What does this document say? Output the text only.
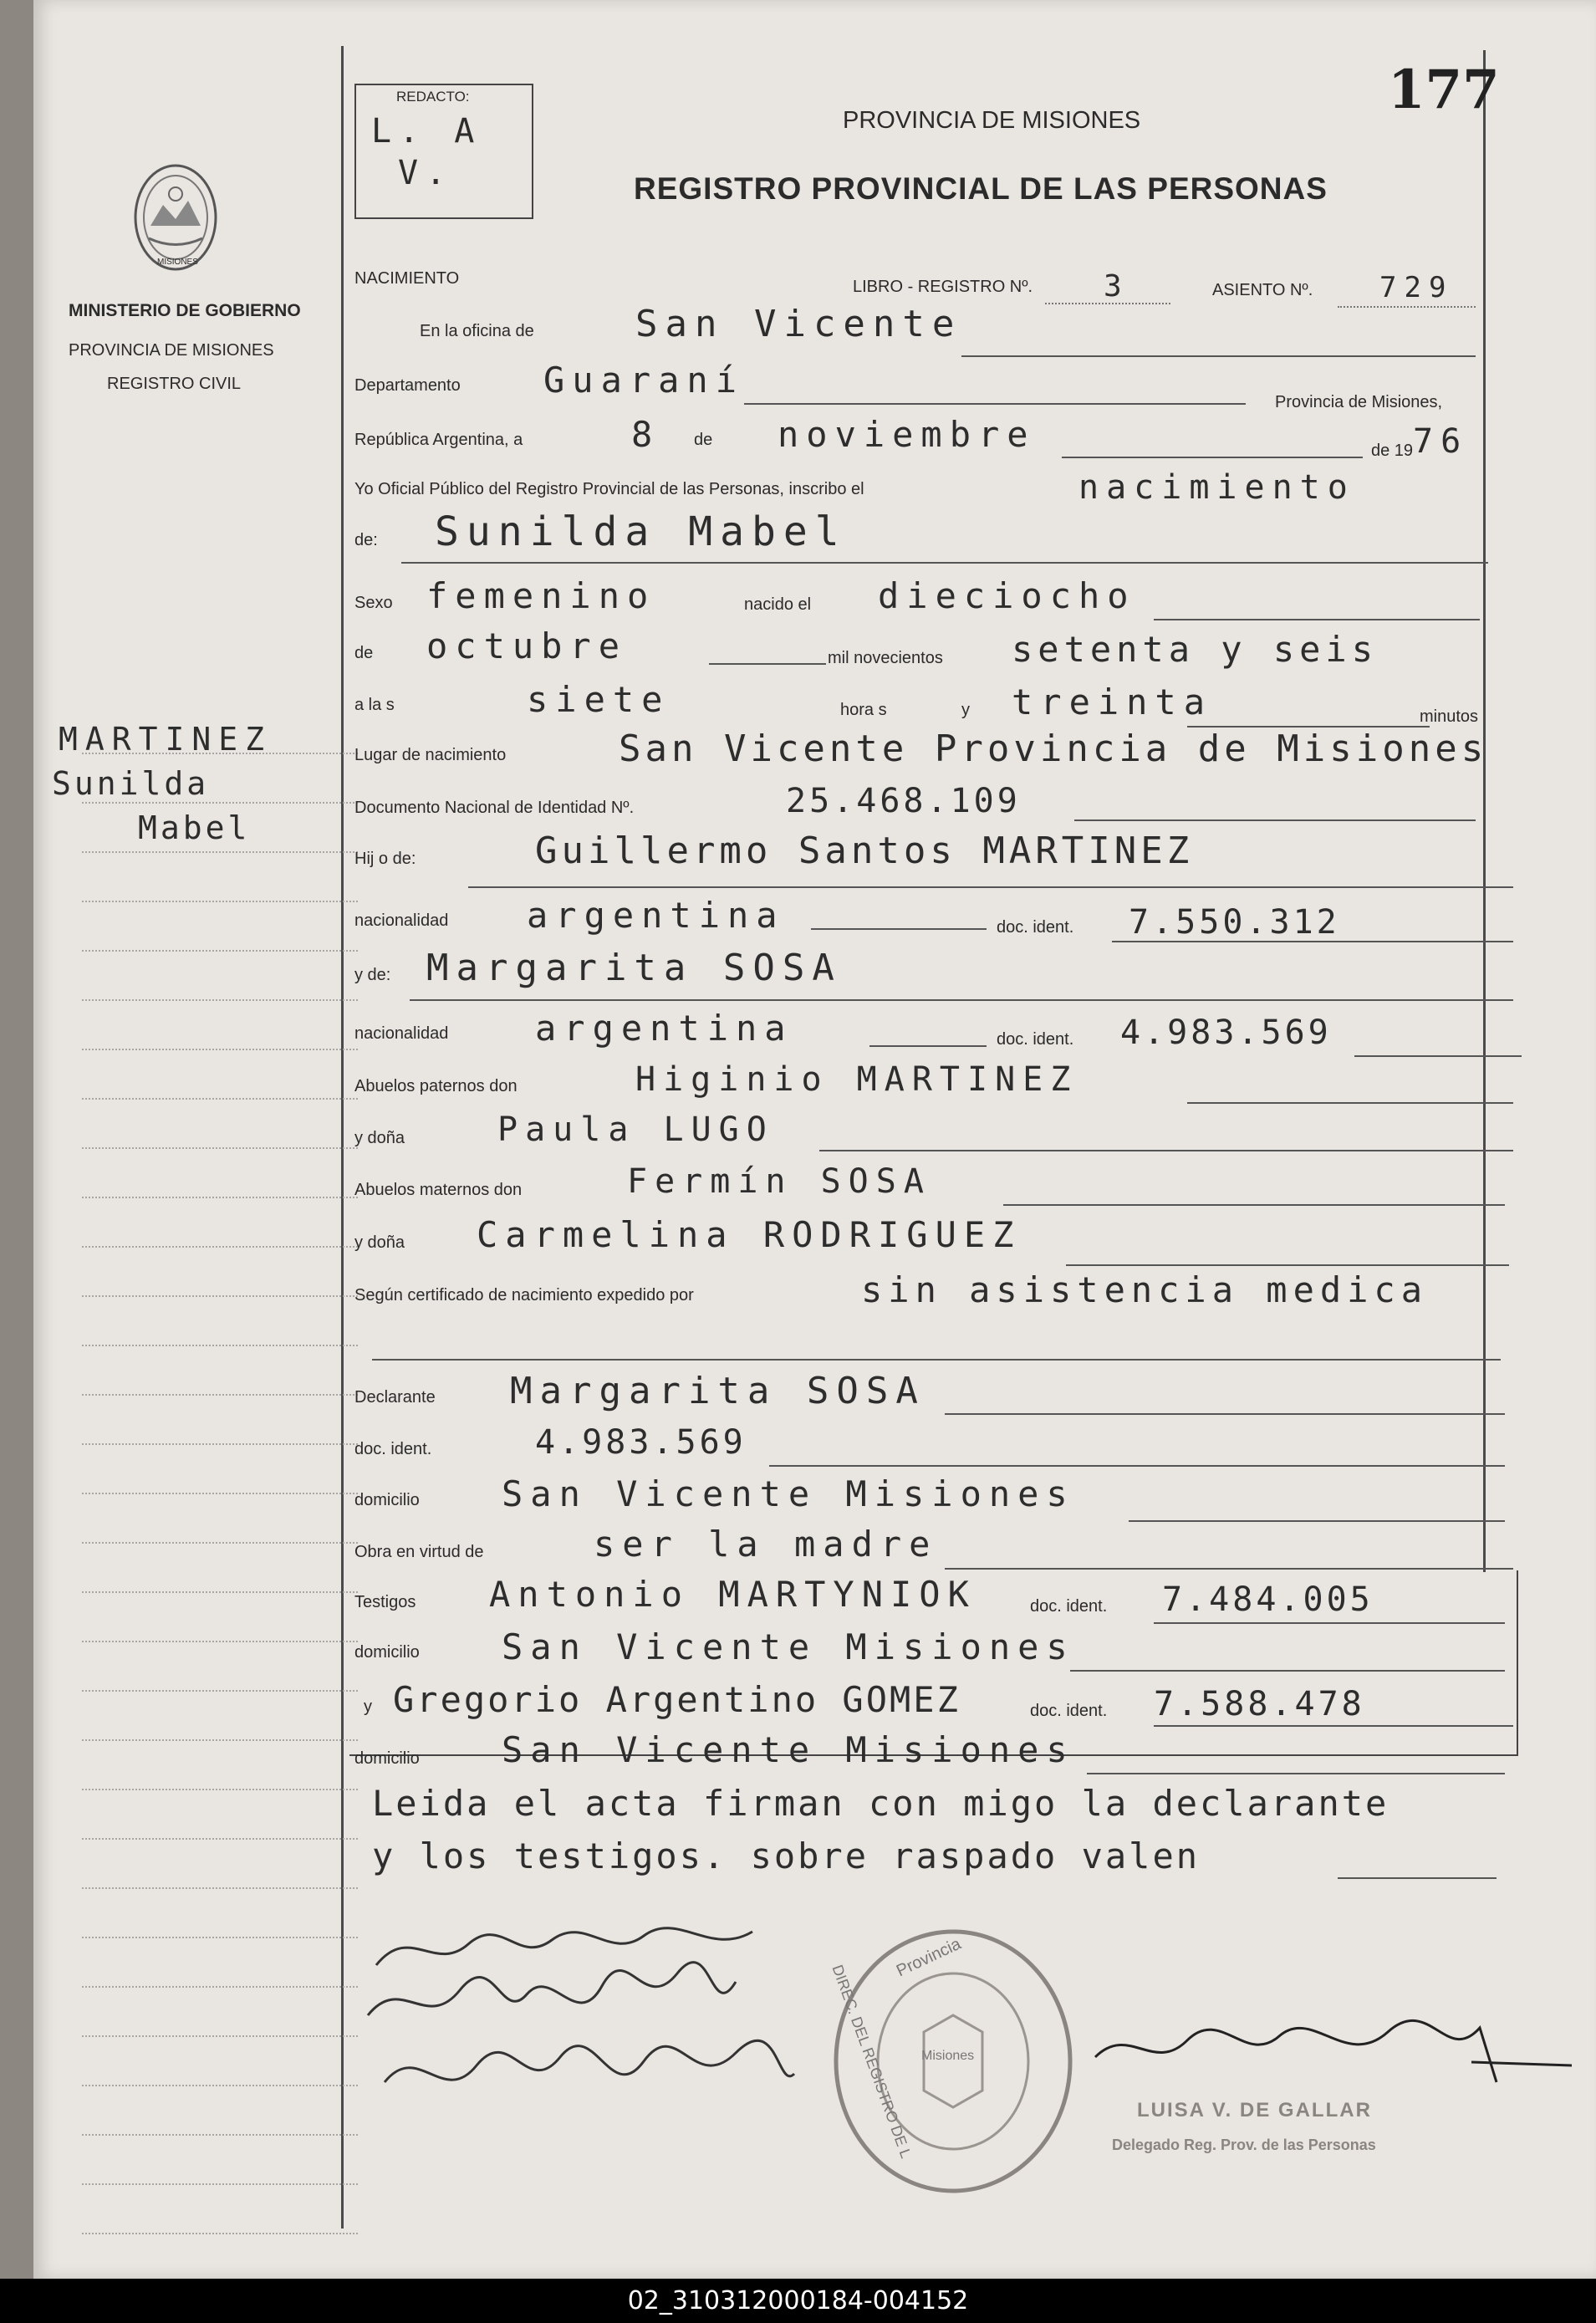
MISIONES
MINISTERIO DE GOBIERNO
PROVINCIA DE MISIONES
REGISTRO CIVIL
MARTINEZ
Sunilda
Mabel
REDACTO:
L. A
V.
177
PROVINCIA DE MISIONES
REGISTRO PROVINCIAL DE LAS PERSONAS
NACIMIENTO	LIBRO - REGISTRO Nº. 3	ASIENTO Nº. 729
En la oficina de	San Vicente
Departamento Guaraní
Provincia de Misiones,
República Argentina, a	8 de noviembre	de 19 76
Yo Oficial Público del Registro Provincial de las Personas, inscribo el	nacimiento
de: Sunilda Mabel
Sexo femenino	nacido el dieciocho
de octubre	mil novecientos setenta y seis
a la s	siete	hora s	y treinta	minutos
Lugar de nacimiento	San Vicente Provincia de Misiones
Documento Nacional de Identidad Nº.	25.468.109
Hij o de:	Guillermo Santos MARTINEZ
nacionalidad argentina	doc. ident. 7.550.312
y de: Margarita SOSA
nacionalidad argentina	doc. ident. 4.983.569
Abuelos paternos don	Higinio MARTINEZ
y doña	Paula LUGO
Abuelos maternos don	Fermín SOSA
y doña Carmelina RODRIGUEZ
Según certificado de nacimiento expedido por	sin asistencia medica
Declarante Margarita SOSA
doc. ident.	4.983.569
domicilio San Vicente Misiones
Obra en virtud de	ser la madre
Testigos Antonio MARTYNIOK	doc. ident. 7.484.005
domicilio San Vicente Misiones
y Gregorio Argentino GOMEZ	doc. ident. 7.588.478
domicilio San Vicente Misiones
Leida el acta firman con migo la declarante
y los testigos. sobre raspado valen
Provincia
DIREC. DEL REGISTRO DE L Misiones
LUISA V. DE GALLAR
Delegado Reg. Prov. de las Personas
02_310312000184-004152
